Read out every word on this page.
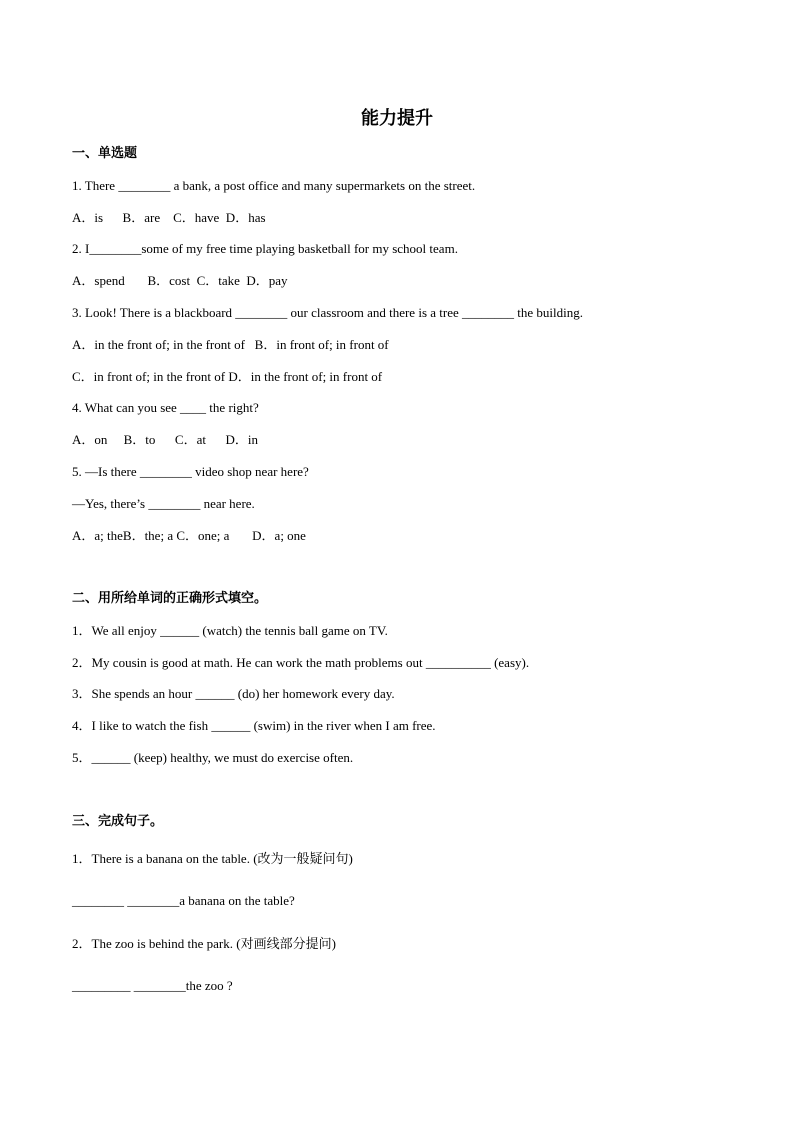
能力提升
一、单选题
1. There ________ a bank, a post office and many supermarkets on the street.
A．is      B．are    C．have  D．has
2. I________some of my free time playing basketball for my school team.
A．spend       B．cost  C．take  D．pay
3. Look! There is a blackboard ________ our classroom and there is a tree ________ the building.
A．in the front of; in the front of   B．in front of; in front of
C．in front of; in the front of D．in the front of; in front of
4. What can you see ____ the right?
A．on     B．to      C．at      D．in
5. —Is there ________ video shop near here?
—Yes, there’s ________ near here.
A．a; theB．the; a C．one; a       D．a; one
二、用所给单词的正确形式填空。
1．We all enjoy ______ (watch) the tennis ball game on TV.
2．My cousin is good at math. He can work the math problems out __________ (easy).
3．She spends an hour ______ (do) her homework every day.
4．I like to watch the fish ______ (swim) in the river when I am free.
5．______ (keep) healthy, we must do exercise often.
三、完成句子。
1．There is a banana on the table. (改为一般疑问句)
________ ________a banana on the table?
2．The zoo is behind the park. (对画线部分提问)
_________ ________the zoo ?
